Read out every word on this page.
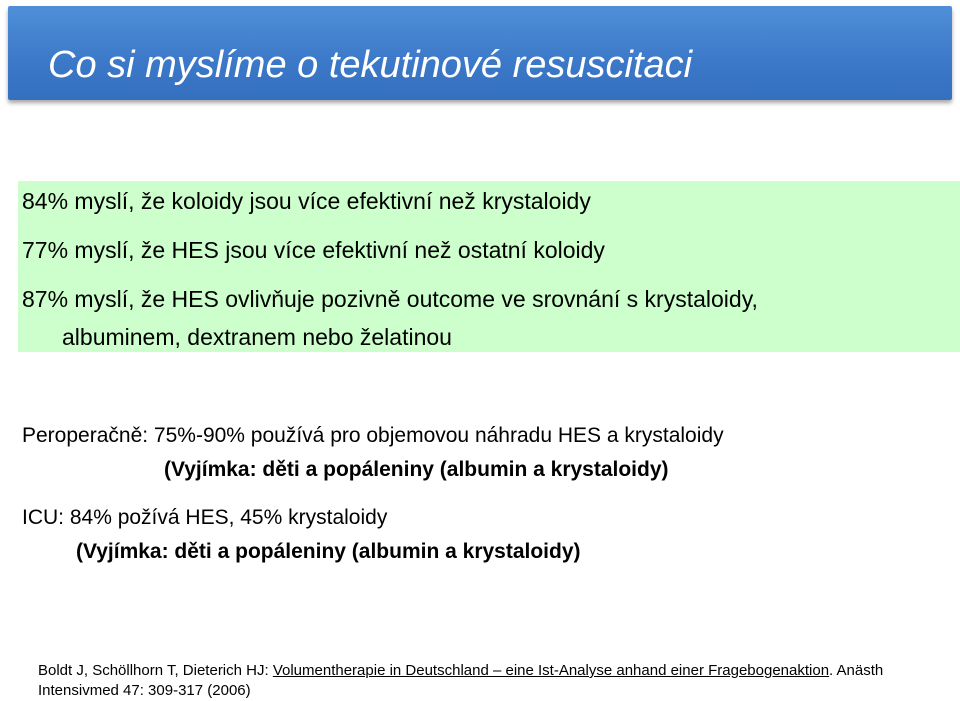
Co si myslíme o tekutinové resuscitaci
84% myslí, že koloidy jsou více efektivní než krystaloidy
77% myslí, že HES jsou více efektivní než ostatní koloidy
87% myslí, že HES ovlivňuje pozivně outcome ve srovnání s krystaloidy,
albuminem, dextranem nebo želatinou
Peroperačně: 75%-90% používá pro objemovou náhradu HES a krystaloidy
(Vyjímka: děti a popáleniny (albumin a krystaloidy)
ICU: 84% požívá HES, 45% krystaloidy
(Vyjímka: děti a popáleniny (albumin a krystaloidy)
Boldt J, Schöllhorn T, Dieterich HJ: Volumentherapie in Deutschland – eine Ist-Analyse anhand einer Fragebogenaktion. Anästh
Intensivmed 47: 309-317 (2006)
